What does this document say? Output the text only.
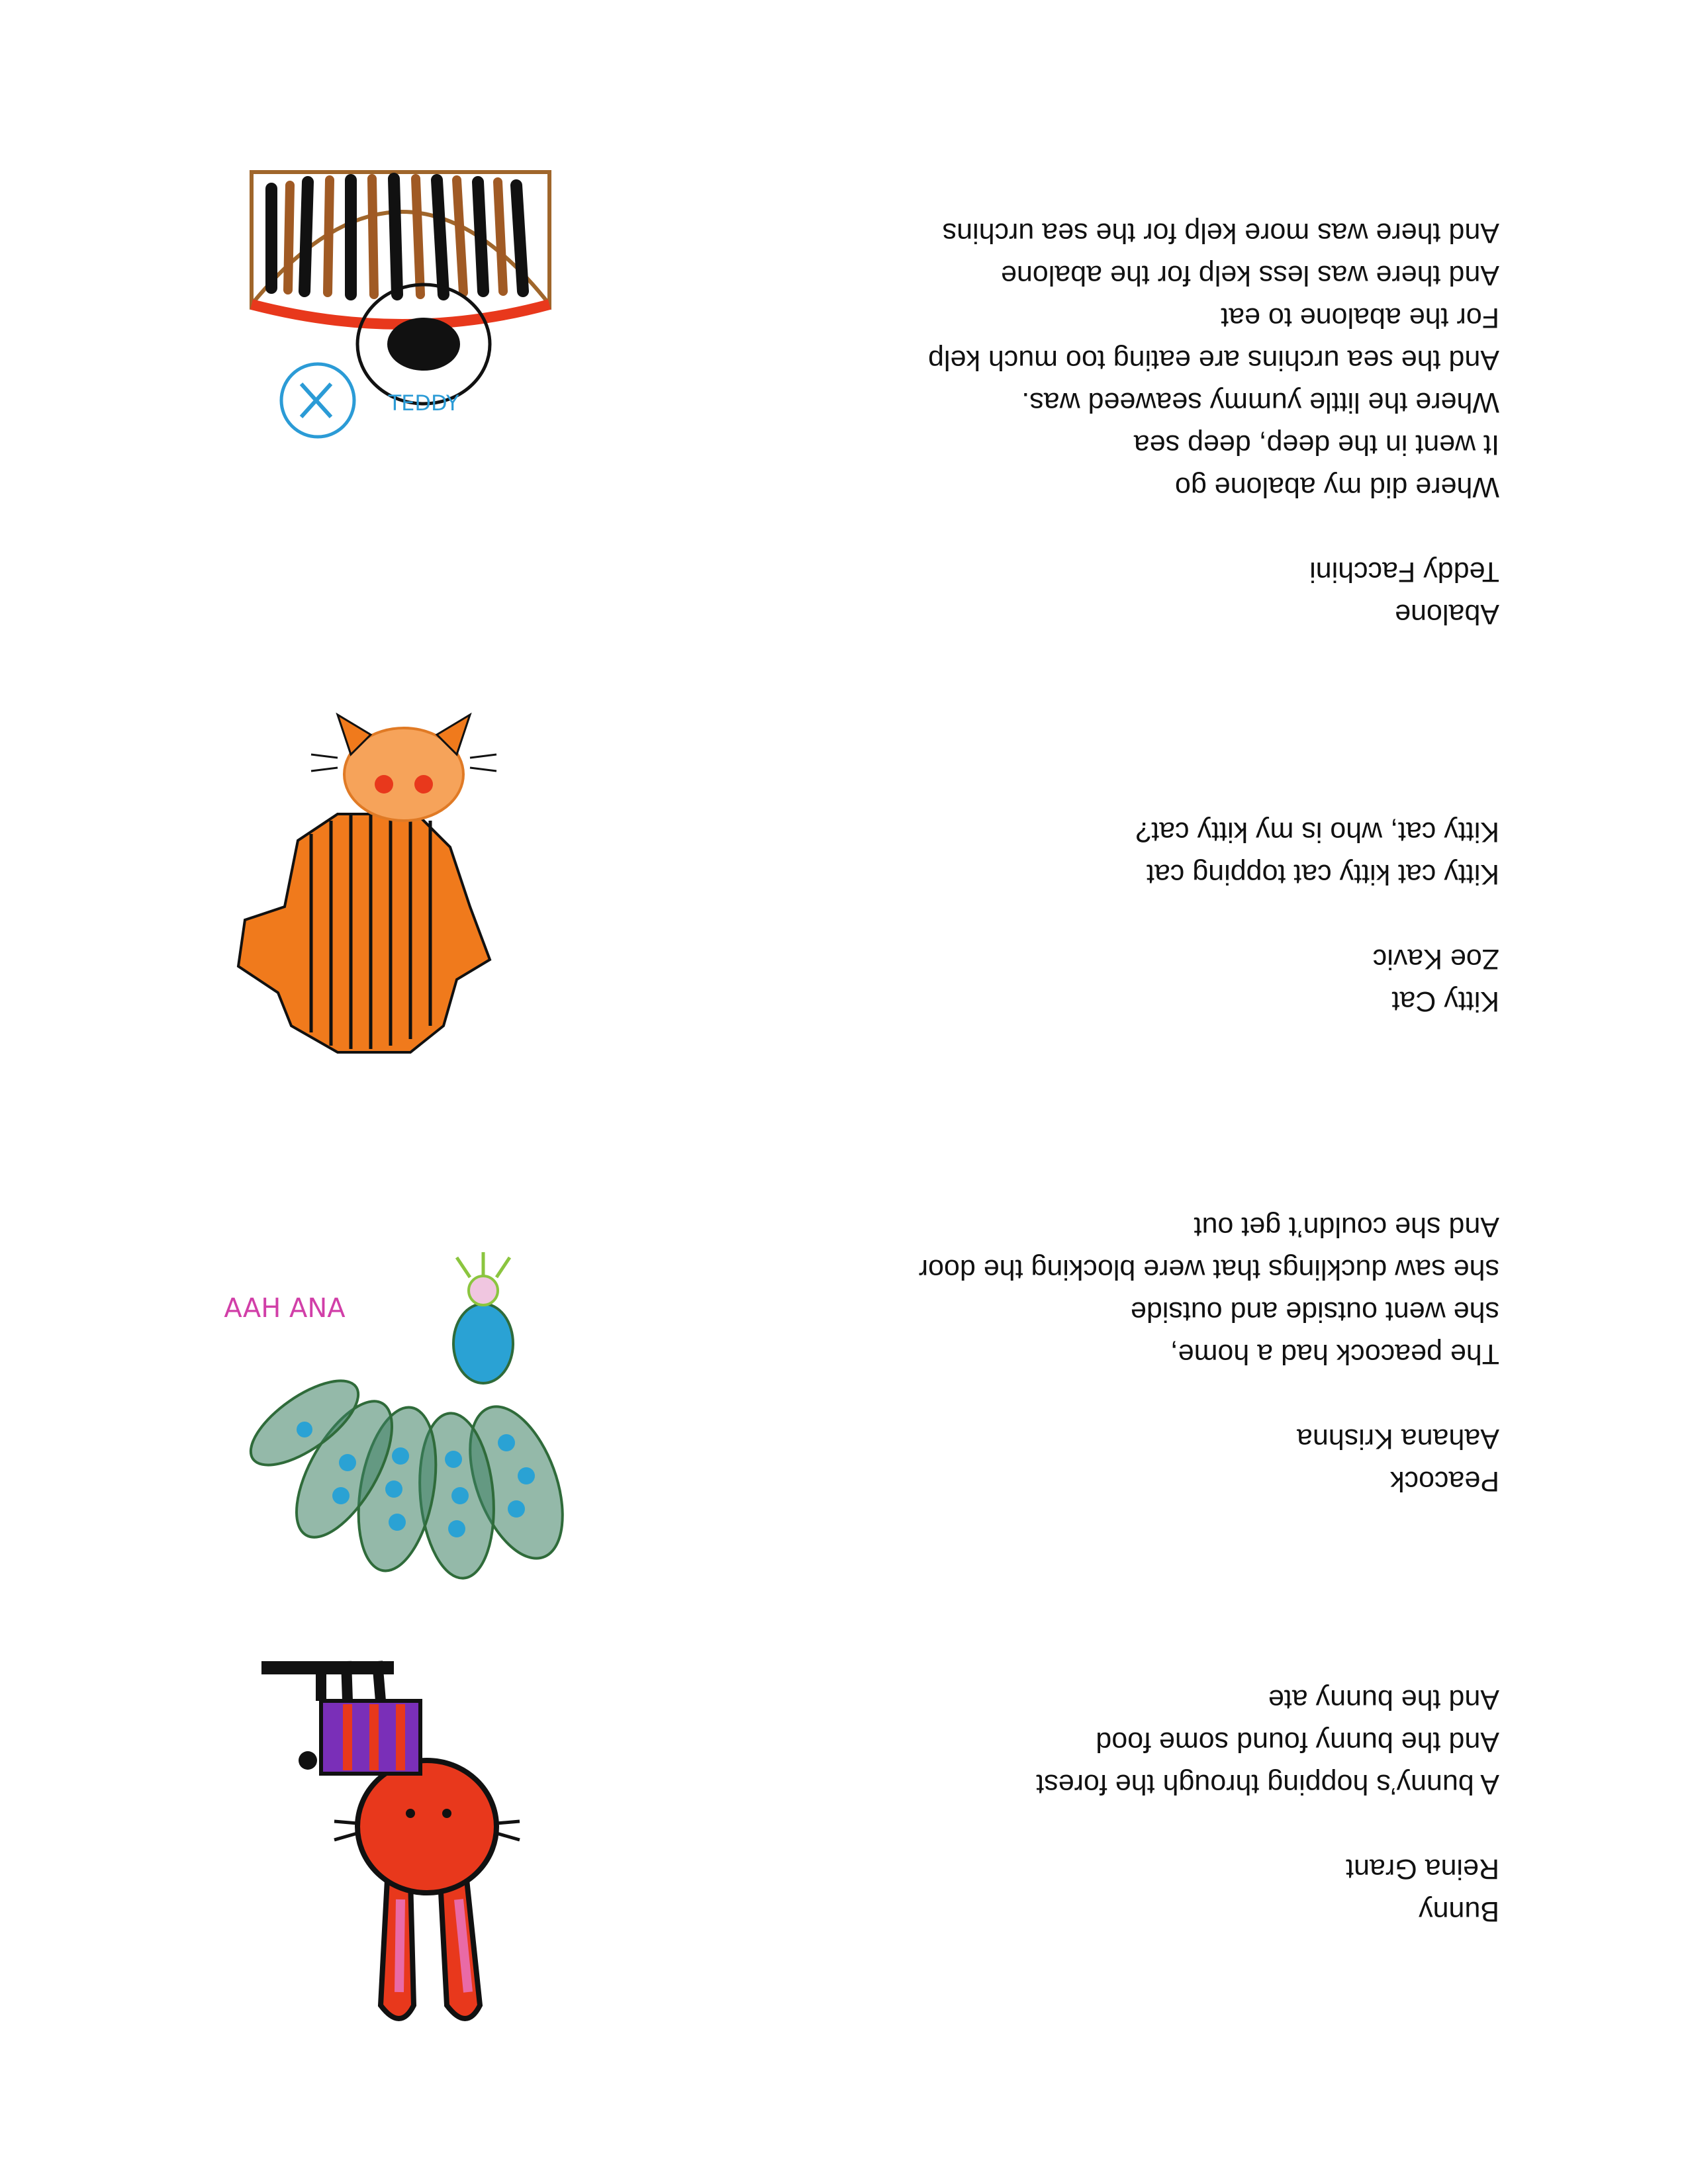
Abalone
Teddy Facchini
Where did my abalone go
It went in the deep, deep sea
Where the little yummy seaweed was.
And the sea urchins are eating too much kelp
For the abalone to eat
And there was less kelp for the abalone
And there was more kelp for the sea urchins
Kitty Cat
Zoe Kavic
Kitty cat kitty cat topping cat
Kitty cat, who is my kitty cat?
Peacock
Aahana Krishna
The peacock had a home,
she went outside and outside
she saw ducklings that were blocking the door
And she couldn’t get out
Bunny
Reina Grant
A bunny’s hopping through the forest
And the bunny found some food
And the bunny ate
TEDDY
AAH ANA
